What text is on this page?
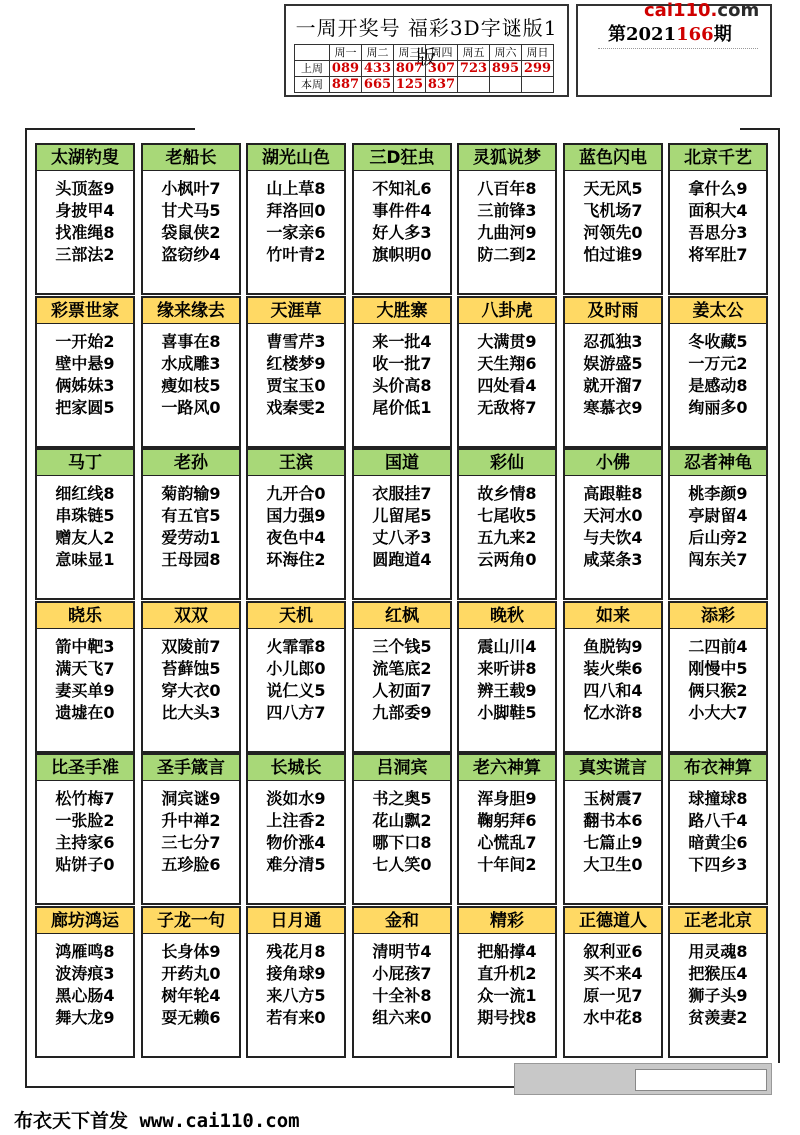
一周开奖号 福彩3D字谜版1版
	周一	周二	周三	周四	周五	周六	周日
上周	089	433	807	307	723	895	299
本周	887	665	125	837			
第2021166期
cai110.com
太湖钓叟
头顶盔9
身披甲4
找准绳8
三部法2
老船长
小枫叶7
甘犬马5
袋鼠侠2
盗窃纱4
湖光山色
山上草8
拜洛回0
一家亲6
竹叶青2
三D狂虫
不知礼6
事件件4
好人多3
旗帜明0
灵狐说梦
八百年8
三前锋3
九曲河9
防二到2
蓝色闪电
天无风5
飞机场7
河领先0
怕过谁9
北京千艺
拿什么9
面积大4
吾思分3
将军肚7
彩票世家
一开始2
壁中悬9
俩姊妹3
把家圆5
缘来缘去
喜事在8
水成雕3
瘦如枝5
一路风0
天涯草
曹雪芹3
红楼梦9
贾宝玉0
戏秦雯2
大胜寨
来一批4
收一批7
头价高8
尾价低1
八卦虎
大满贯9
天生翔6
四处看4
无敌将7
及时雨
忍孤独3
娱游盛5
就开溜7
寒慕衣9
姜太公
冬收藏5
一万元2
是感动8
绚丽多0
马丁
细红线8
串珠链5
赠友人2
意味显1
老孙
菊韵输9
有五官5
爱劳动1
王母园8
王滨
九开合0
国力强9
夜色中4
环海住2
国道
衣服挂7
儿留尾5
丈八矛3
圆跑道4
彩仙
故乡情8
七尾收5
五九来2
云两角0
小佛
高跟鞋8
天河水0
与夫饮4
咸菜条3
忍者神龟
桃李颜9
亭尉留4
后山旁2
闯东关7
晓乐
箭中靶3
满天飞7
妻买单9
遗墟在0
双双
双陵前7
苔藓蚀5
穿大衣0
比大头3
天机
火霏霏8
小儿郎0
说仁义5
四八方7
红枫
三个钱5
流笔底2
人初面7
九部委9
晚秋
震山川4
来听讲8
辨王载9
小脚鞋5
如来
鱼脱钩9
装火柴6
四八和4
忆水浒8
添彩
二四前4
刚慢中5
俩只猴2
小大大7
比圣手准
松竹梅7
一张脸2
主持家6
贴饼子0
圣手箴言
洞宾谜9
升中禅2
三七分7
五珍脸6
长城长
淡如水9
上注香2
物价涨4
难分清5
吕洞宾
书之奥5
花山飘2
哪下口8
七人笑0
老六神算
浑身胆9
鞠躬拜6
心慌乱7
十年间2
真实谎言
玉树震7
翻书本6
七篇止9
大卫生0
布衣神算
球撞球8
路八千4
暗黄尘6
下四乡3
廊坊鸿运
鸿雁鸣8
波涛痕3
黑心肠4
舞大龙9
子龙一句
长身体9
开药丸0
树年轮4
耍无赖6
日月通
残花月8
接角球9
来八方5
若有来0
金和
清明节4
小屁孩7
十全补8
组六来0
精彩
把船撑4
直升机2
众一流1
期号找8
正德道人
叙利亚6
买不来4
原一见7
水中花8
正老北京
用灵魂8
把猴压4
狮子头9
贫羡妻2
布衣天下首发 www.cai110.com
